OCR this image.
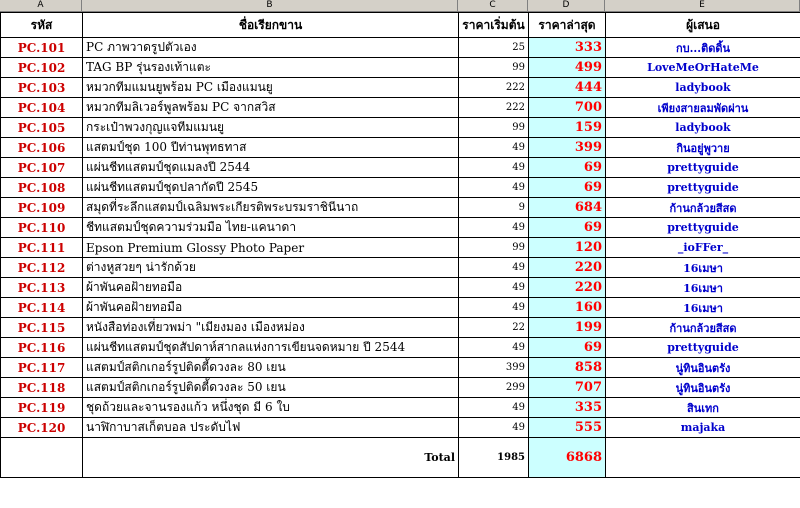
A	B	C	D	E
รหัส	ชื่อเรียกขาน	ราคาเริ่มต้น	ราคาล่าสุด	ผู้เสนอ
PC.101	PC ภาพวาดรูปตัวเอง	25	333	กบ...ติดดิ้น
PC.102	TAG BP รุ่นรองเท้าแตะ	99	499	LoveMeOrHateMe
PC.103	หมวกทีมแมนยูพร้อม PC เมืองแมนยู	222	444	ladybook
PC.104	หมวกทีมลิเวอร์พูลพร้อม PC จากสวิส	222	700	เพียงสายลมพัดผ่าน
PC.105	กระเป๋าพวงกุญแจทีมแมนยู	99	159	ladybook
PC.106	แสตมป์ชุด 100 ปีท่านพุทธทาส	49	399	กินอยู่พูวาย
PC.107	แผ่นชีทแสตมป์ชุดแมลงปี 2544	49	69	prettyguide
PC.108	แผ่นชีทแสตมป์ชุดปลากัดปี 2545	49	69	prettyguide
PC.109	สมุดที่ระลึกแสตมป์เฉลิมพระเกียรติพระบรมราชินีนาถ	9	684	ก้านกล้วยสีสด
PC.110	ชีทแสตมป์ชุดความร่วมมือ ไทย-แคนาดา	49	69	prettyguide
PC.111	Epson Premium Glossy Photo Paper	99	120	_ioFFer_
PC.112	ต่างหูสวยๆ น่ารักด้วย	49	220	16เมษา
PC.113	ผ้าพันคอฝ้ายทอมือ	49	220	16เมษา
PC.114	ผ้าพันคอฝ้ายทอมือ	49	160	16เมษา
PC.115	หนังสือท่องเที่ยวพม่า "เมียงมอง เมืองหม่อง	22	199	ก้านกล้วยสีสด
PC.116	แผ่นชีทแสตมป์ชุดสัปดาห์สากลแห่งการเขียนจดหมาย ปี 2544	49	69	prettyguide
PC.117	แสตมป์สติกเกอร์รูปติดตี้ดวงละ 80 เยน	399	858	นู่ทินอินตรัง
PC.118	แสตมป์สติกเกอร์รูปติดตี้ดวงละ 50 เยน	299	707	นู่ทินอินตรัง
PC.119	ชุดถ้วยและจานรองแก้ว หนึ่งชุด มี 6 ใบ	49	335	สินเทก
PC.120	นาฬิกาบาสเก็ตบอล ประดับไฟ	49	555	majaka
	Total	1985	6868	
